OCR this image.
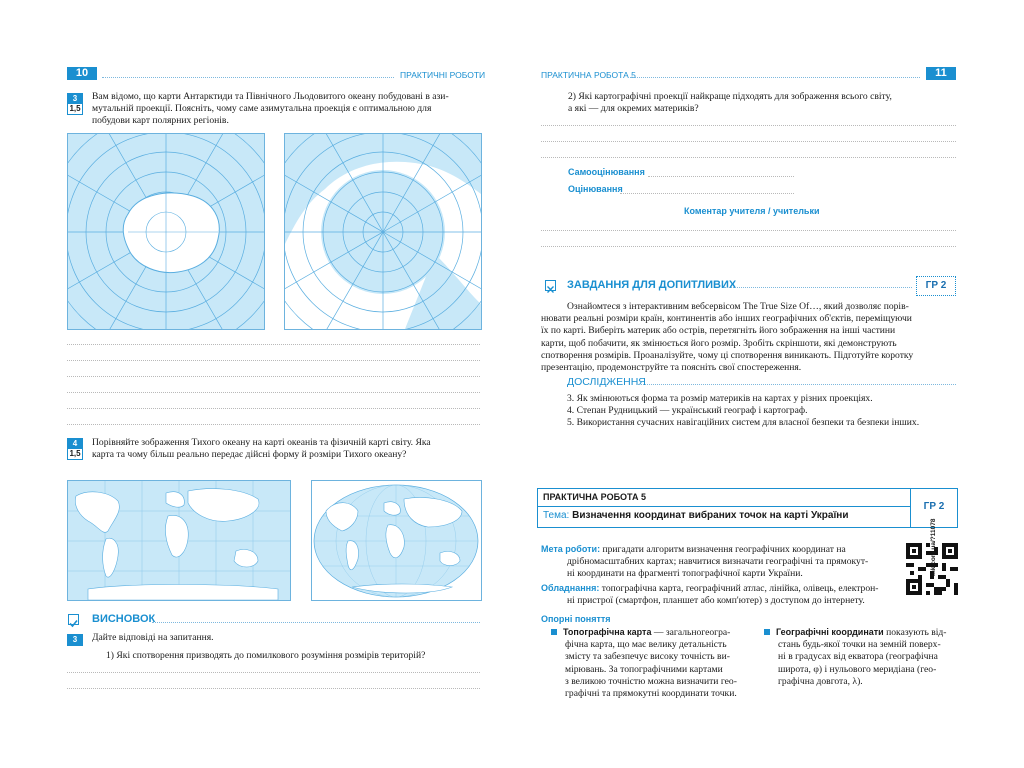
10	ПРАКТИЧНІ РОБОТИ
3
1,5
Вам відомо, що карти Антарктиди та Північного Льодовитого океану побудовані в ази-
мутальній проекції. Поясніть, чому саме азимутальна проекція є оптимальною для
побудови карт полярних регіонів.
4
1,5
Порівняйте зображення Тихого океану на карті океанів та фізичній карті світу. Яка
карта та чому більш реально передає дійсні форму й розміри Тихого океану?
ВИСНОВОК
3	Дайте відповіді на запитання.
1) Які спотворення призводять до помилкового розуміння розмірів територій?
ПРАКТИЧНА РОБОТА 5	11
2) Які картографічні проекції найкраще підходять для зображення всього світу,
а які — для окремих материків?
Самооцінювання
Оцінювання
Коментар учителя / учительки
ЗАВДАННЯ ДЛЯ ДОПИТЛИВИХ	ГР 2
Ознайомтеся з інтерактивним вебсервісом The True Size Of…, який дозволяє порів-
нювати реальні розміри країн, континентів або інших географічних об'єктів, переміщуючи
їх по карті. Виберіть материк або острів, перетягніть його зображення на інші частини
карти, щоб побачити, як змінюється його розмір. Зробіть скріншоти, які демонструють
спотворення розмірів. Проаналізуйте, чому ці спотворення виникають. Підготуйте коротку
презентацію, продемонструйте та поясніть свої спостереження.
ДОСЛІДЖЕННЯ
3. Як змінюються форма та розмір материків на картах у різних проекціях.
4. Степан Рудницький — український географ і картограф.
5. Використання сучасних навігаційних систем для власної безпеки та безпеки інших.
ПРАКТИЧНА РОБОТА 5
Тема: Визначення координат вибраних точок на карті України
ГР 2
Мета роботи: пригадати алгоритм визначення географічних координат на
дрібномасштабних картах; навчитися визначати географічні та прямокут-
ні координати на фрагменті топографічної карти України.
Обладнання: топографічна карта, географічний атлас, лінійка, олівець, електрон-
ні пристрої (смартфон, планшет або комп'ютер) з доступом до інтернету.
mk.com.ua/?11078
Опорні поняття
Топографічна карта — загальногеогра-
фічна карта, що має велику детальність
змісту та забезпечує високу точність ви-
мірювань. За топографічними картами
з великою точністю можна визначити гео-
графічні та прямокутні координати точки.
Географічні координати показують від-
стань будь-якої точки на земній поверх-
ні в градусах від екватора (географічна
широта, φ) і нульового меридіана (гео-
графічна довгота, λ).
